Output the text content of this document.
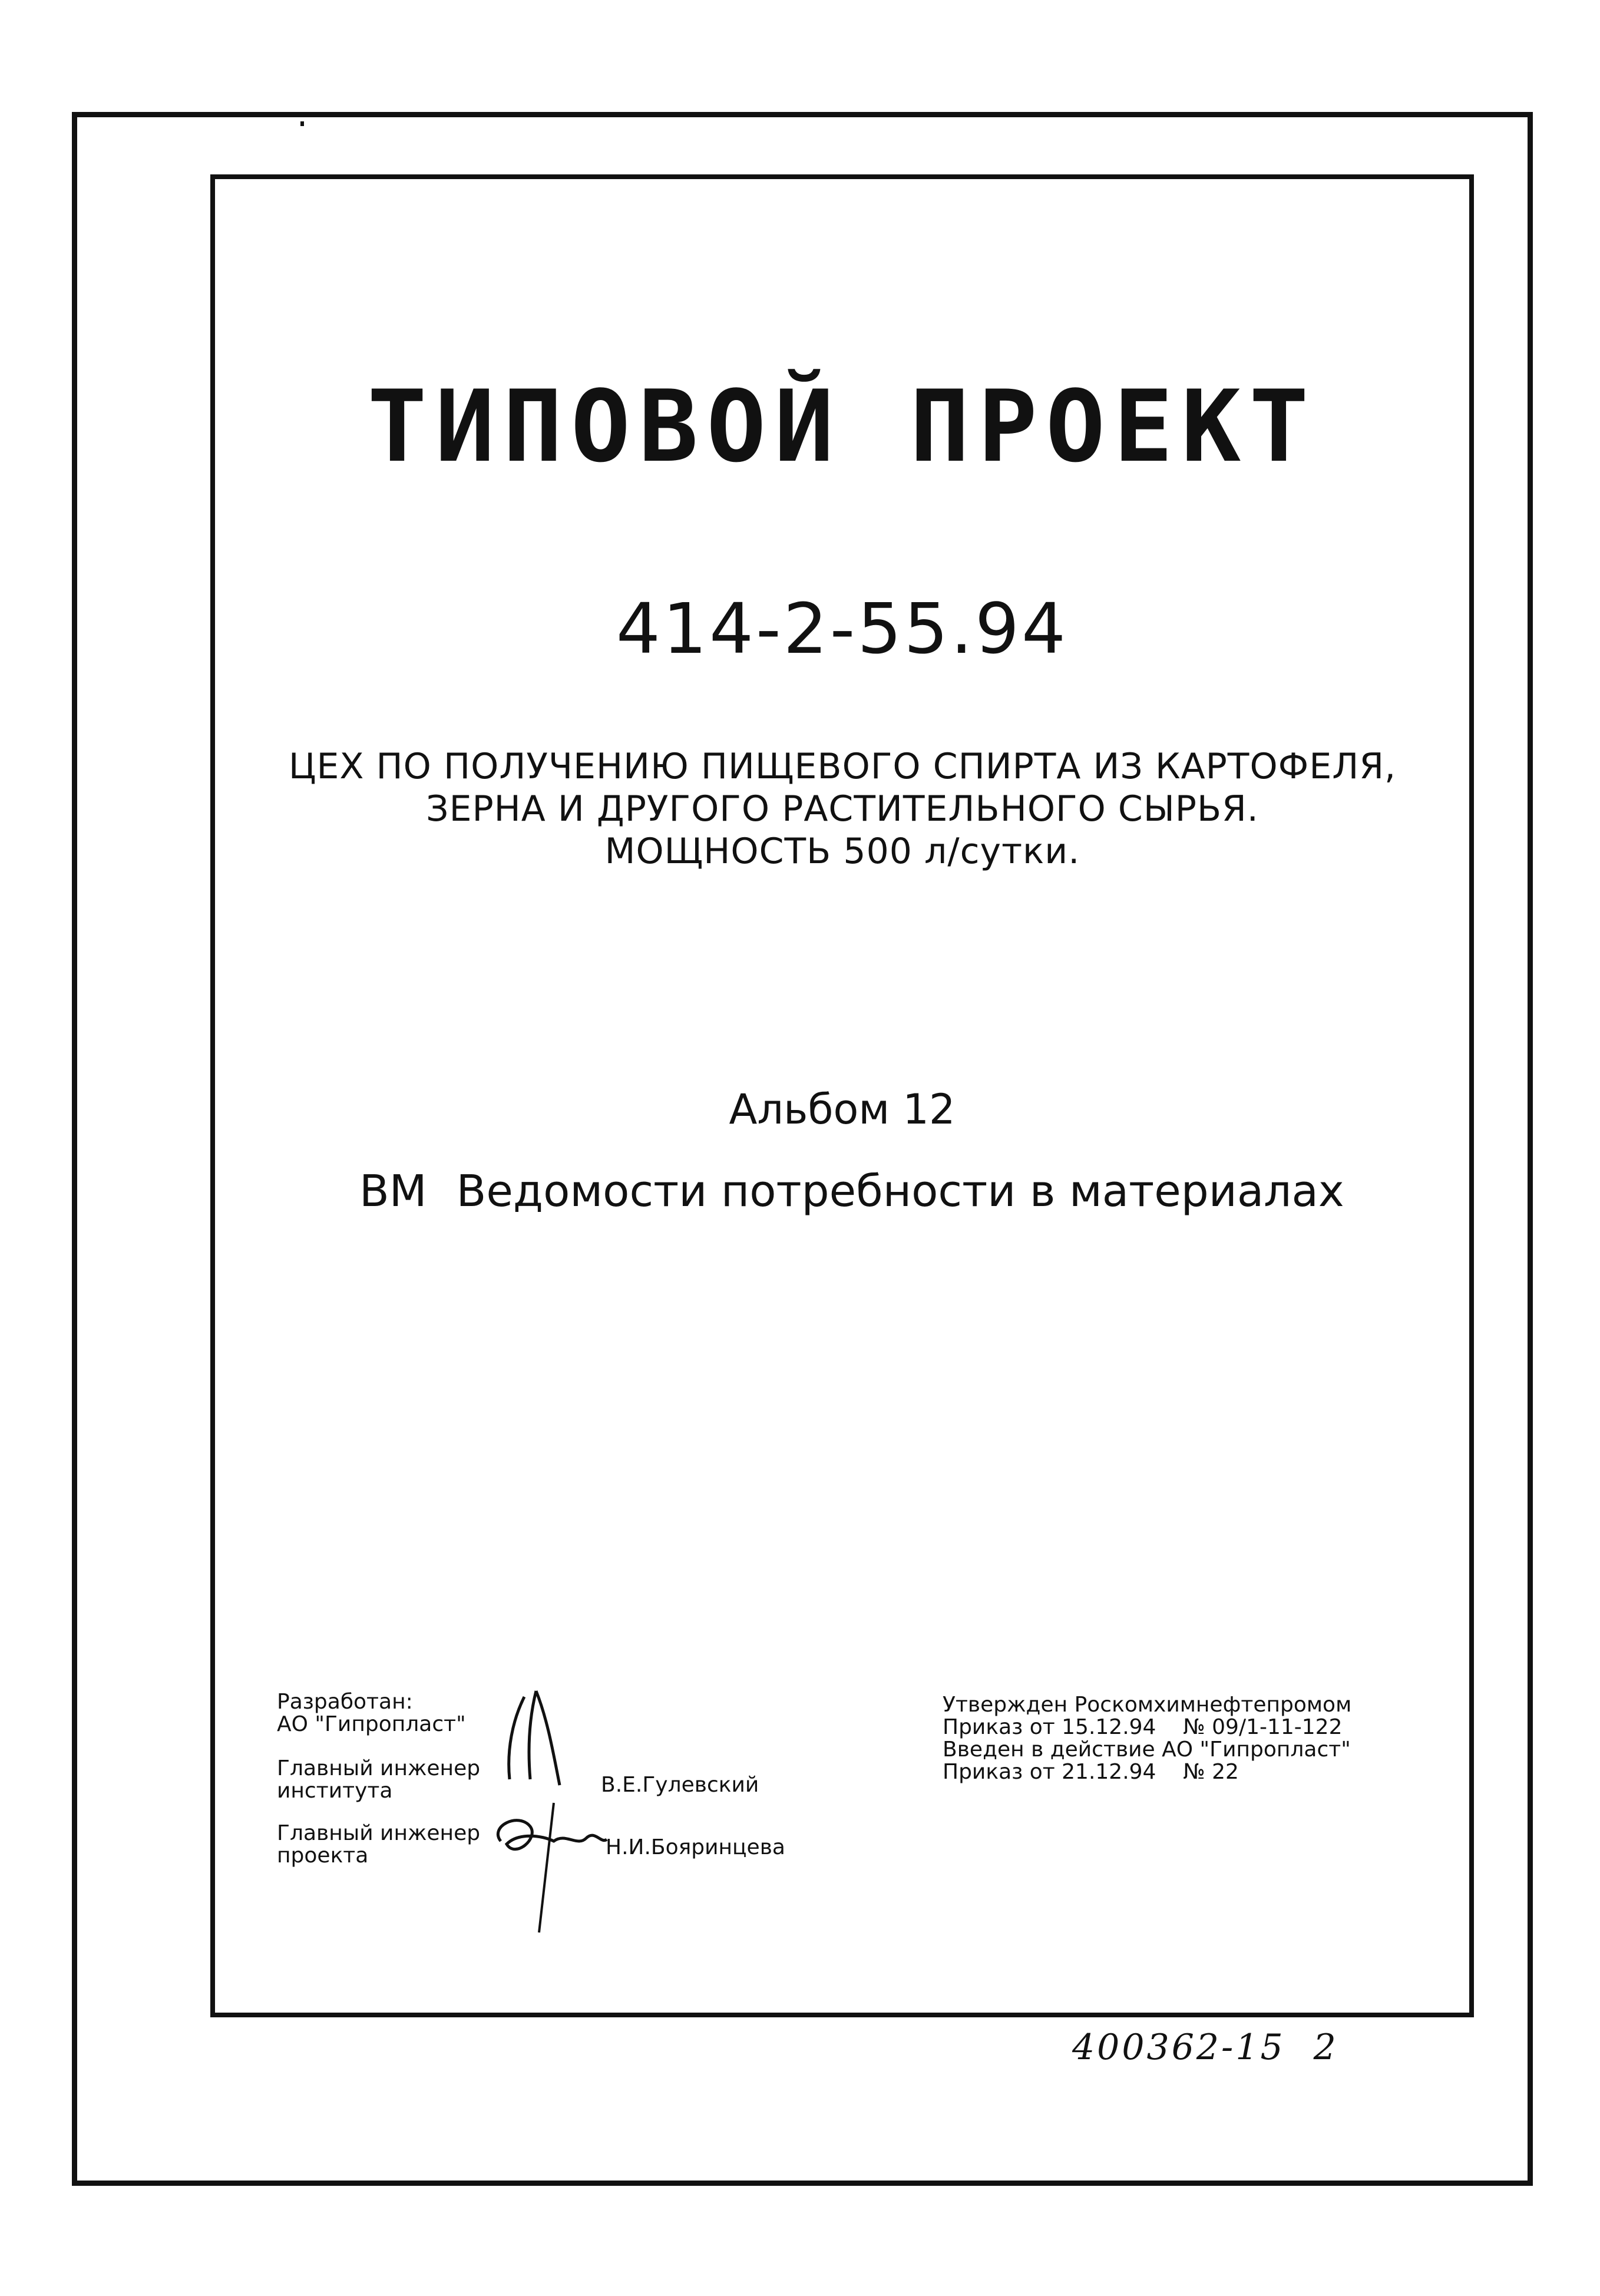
ТИПОВОЙ ПРОЕКТ
414-2-55.94
ЦЕХ ПО ПОЛУЧЕНИЮ ПИЩЕВОГО СПИРТА ИЗ КАРТОФЕЛЯ,
ЗЕРНА И ДРУГОГО РАСТИТЕЛЬНОГО СЫРЬЯ.
МОЩНОСТЬ 500 л/сутки.
Альбом 12
ВМ Ведомости потребности в материалах
Разработан:
АО "Гипропласт"
Главный инженер
института	В.Е.Гулевский
Главный инженер
проекта	Н.И.Бояринцева
Утвержден Роскомхимнефтепромом
Приказ от 15.12.94 № 09/1-11-122
Введен в действие АО "Гипропласт"
Приказ от 21.12.94 № 22
400362-15 2
